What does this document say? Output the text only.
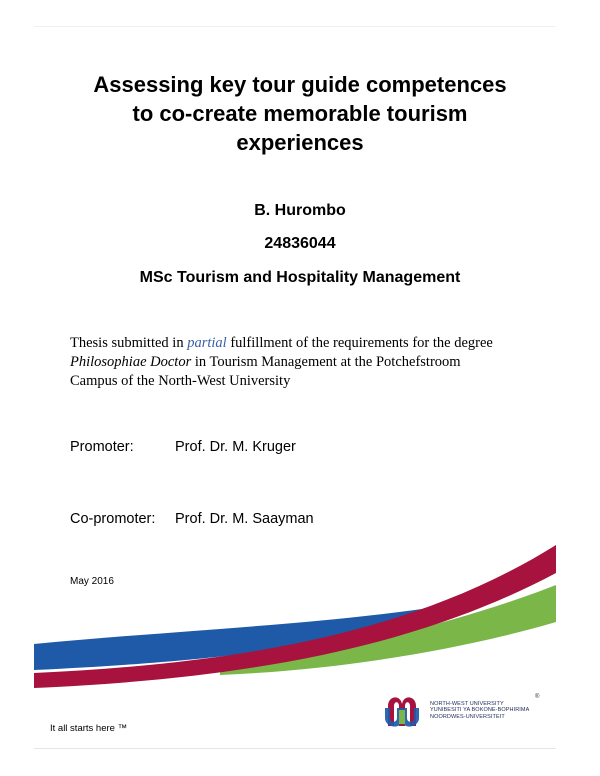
Assessing key tour guide competences
to co-create memorable tourism
experiences
B. Hurombo
24836044
MSc Tourism and Hospitality Management
Thesis submitted in partial fulfillment of the requirements for the degree
Philosophiae Doctor in Tourism Management at the Potchefstroom
Campus of the North-West University
Promoter:	Prof. Dr. M. Kruger
Co-promoter: Prof. Dr. M. Saayman
May 2016
It all starts here ™
NORTH-WEST UNIVERSITY
YUNIBESITI YA BOKONE-BOPHIRIMA
NOORDWES-UNIVERSITEIT
®
